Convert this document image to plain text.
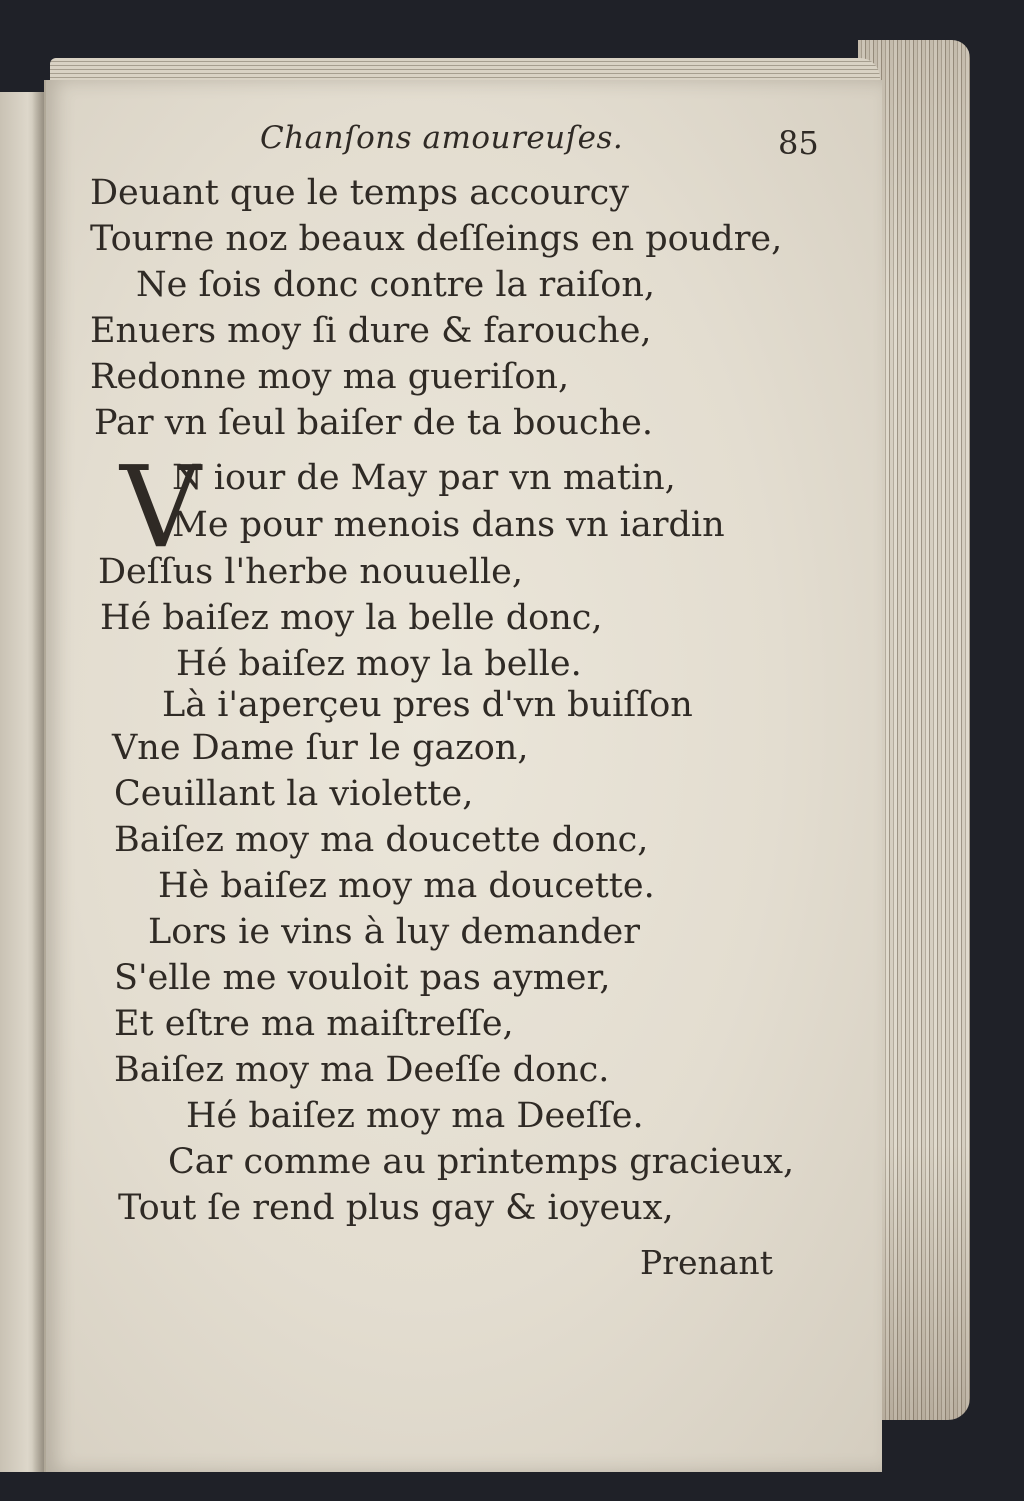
Chanſons amoureuſes.	85
Deuant que le temps accourcy
Tourne noz beaux deſſeings en poudre,
Ne ſois donc contre la raiſon,
Enuers moy ſi dure & farouche,
Redonne moy ma gueriſon,
Par vn ſeul baiſer de ta bouche.
V
N iour de May par vn matin,
Me pour menois dans vn iardin
Deſſus l'herbe nouuelle,
Hé baiſez moy la belle donc,
Hé baiſez moy la belle.
Là i'aperçeu pres d'vn buiſſon
Vne Dame ſur le gazon,
Ceuillant la violette,
Baiſez moy ma doucette donc,
Hè baiſez moy ma doucette.
Lors ie vins à luy demander
S'elle me vouloit pas aymer,
Et eſtre ma maiſtreſſe,
Baiſez moy ma Deeſſe donc.
Hé baiſez moy ma Deeſſe.
Car comme au printemps gracieux,
Tout ſe rend plus gay & ioyeux,
Prenant
